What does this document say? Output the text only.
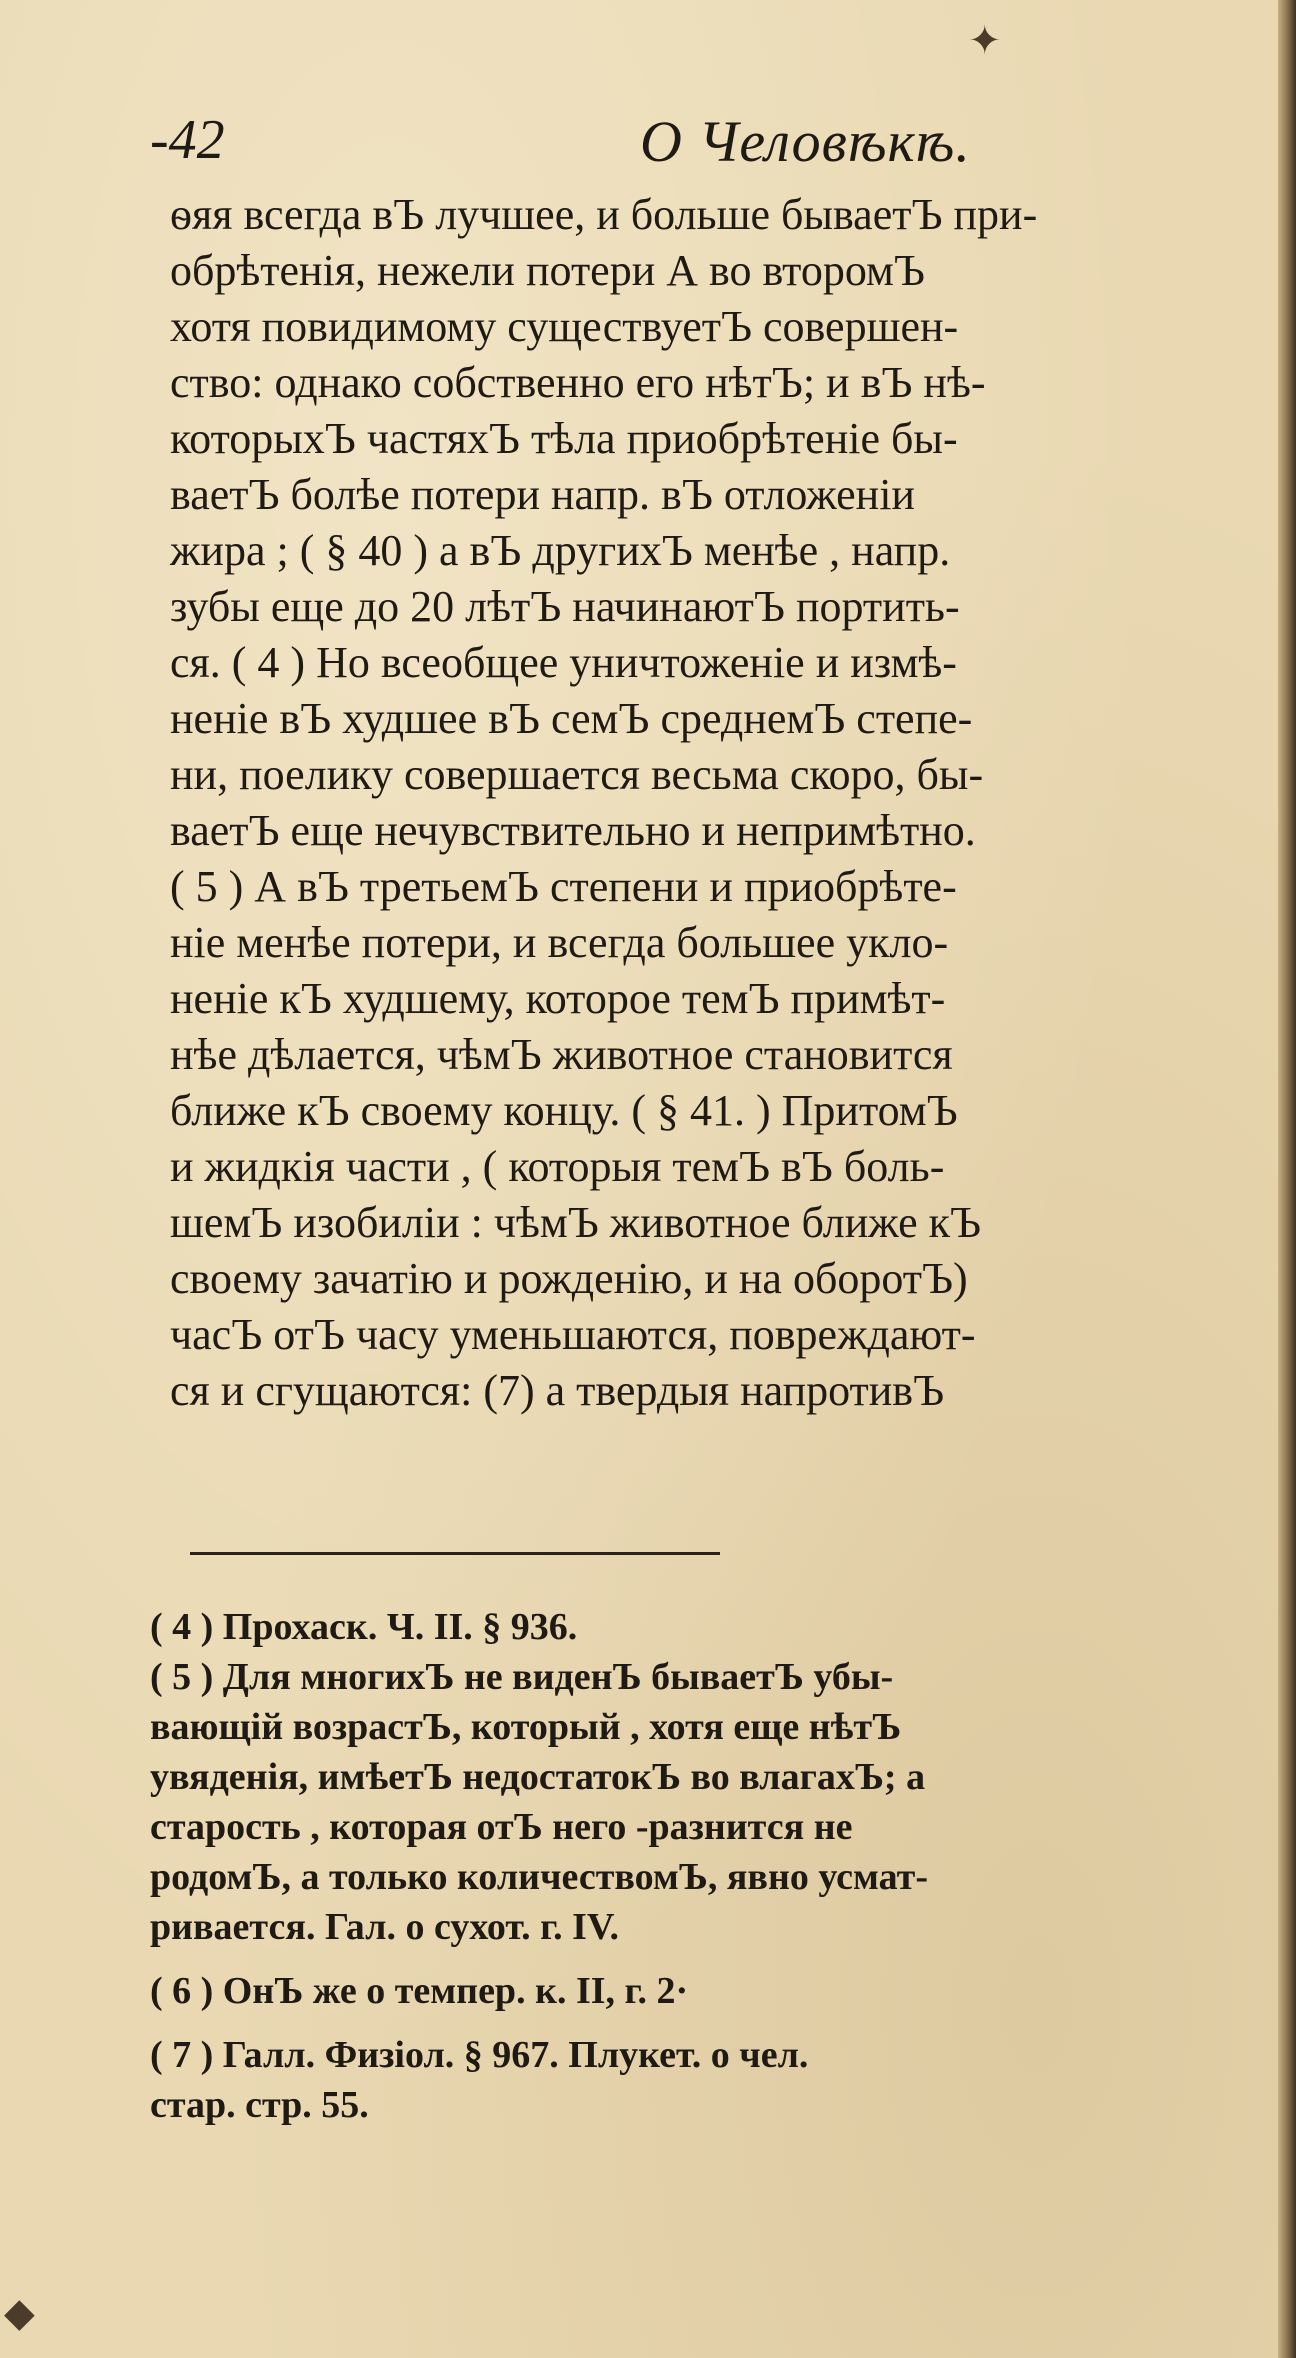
✦
◆
-42	О Человѣкѣ.
ѳяя всегда вЪ лучшее, и больше бываетЪ при-
обрѣтенія, нежели потери А во второмЪ
хотя повидимому существуетЪ совершен-
ство: однако собственно его нѣтЪ; и вЪ нѣ-
которыхЪ частяхЪ тѣла приобрѣтеніе бы-
ваетЪ болѣе потери напр. вЪ отложеніи
жира ; ( § 40 ) а вЪ другихЪ менѣе , напр.
зубы еще до 20 лѣтЪ начинаютЪ портить-
ся. ( 4 ) Но всеобщее уничтоженіе и измѣ-
неніе вЪ худшее вЪ семЪ среднемЪ степе-
ни, поелику совершается весьма скоро, бы-
ваетЪ еще нечувствительно и непримѣтно.
( 5 ) А вЪ третьемЪ степени и приобрѣте-
ніе менѣе потери, и всегда большее укло-
неніе кЪ худшему, которое темЪ примѣт-
нѣе дѣлается, чѣмЪ животное становится
ближе кЪ своему концу. ( § 41. ) ПритомЪ
и жидкія части , ( которыя темЪ вЪ боль-
шемЪ изобиліи : чѣмЪ животное ближе кЪ
своему зачатію и рожденію, и на оборотЪ)
часЪ отЪ часу уменьшаются, повреждают-
ся и сгущаются: (7) а твердыя напротивЪ
( 4 ) Прохаск. Ч. II. § 936.
( 5 ) Для многихЪ не виденЪ бываетЪ убы-
вающій возрастЪ, который , хотя еще нѣтЪ
увяденія, имѣетЪ недостатокЪ во влагахЪ; а
старость , которая отЪ него -разнится не
родомЪ, а только количествомЪ, явно усмат-
ривается. Гал. о сухот. г. IV.
( 6 ) ОнЪ же о темпер. к. II, г. 2·
( 7 ) Галл. Физіол. § 967. Плукет. о чел.
стар. стр. 55.
